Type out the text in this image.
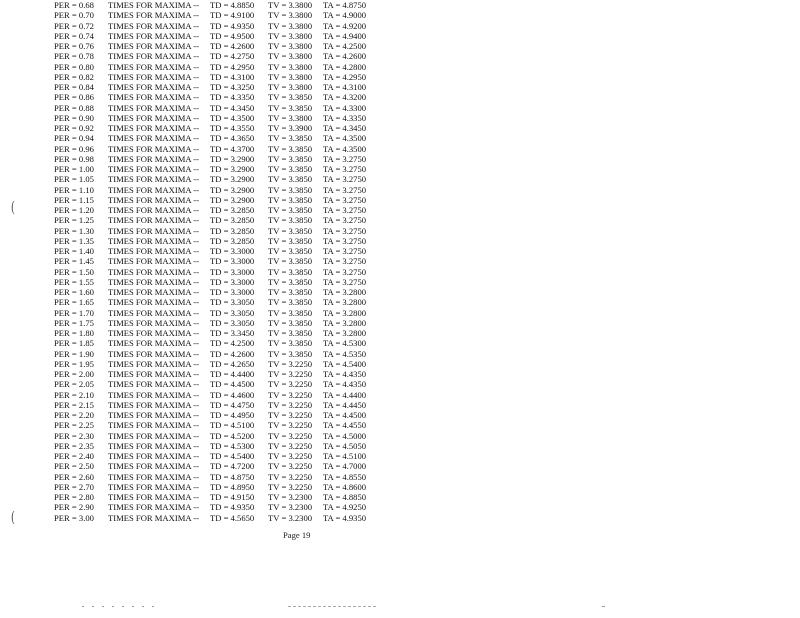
PER = 0.68 TIMES FOR MAXIMA -- TD = 4.8850 TV = 3.3800 TA = 4.8750
PER = 0.70 TIMES FOR MAXIMA -- TD = 4.9100 TV = 3.3800 TA = 4.9000
PER = 0.72 TIMES FOR MAXIMA -- TD = 4.9350 TV = 3.3800 TA = 4.9200
PER = 0.74 TIMES FOR MAXIMA -- TD = 4.9500 TV = 3.3800 TA = 4.9400
PER = 0.76 TIMES FOR MAXIMA -- TD = 4.2600 TV = 3.3800 TA = 4.2500
PER = 0.78 TIMES FOR MAXIMA -- TD = 4.2750 TV = 3.3800 TA = 4.2600
PER = 0.80 TIMES FOR MAXIMA -- TD = 4.2950 TV = 3.3800 TA = 4.2800
PER = 0.82 TIMES FOR MAXIMA -- TD = 4.3100 TV = 3.3800 TA = 4.2950
PER = 0.84 TIMES FOR MAXIMA -- TD = 4.3250 TV = 3.3800 TA = 4.3100
PER = 0.86 TIMES FOR MAXIMA -- TD = 4.3350 TV = 3.3850 TA = 4.3200
PER = 0.88 TIMES FOR MAXIMA -- TD = 4.3450 TV = 3.3850 TA = 4.3300
PER = 0.90 TIMES FOR MAXIMA -- TD = 4.3500 TV = 3.3800 TA = 4.3350
PER = 0.92 TIMES FOR MAXIMA -- TD = 4.3550 TV = 3.3900 TA = 4.3450
PER = 0.94 TIMES FOR MAXIMA -- TD = 4.3650 TV = 3.3850 TA = 4.3500
PER = 0.96 TIMES FOR MAXIMA -- TD = 4.3700 TV = 3.3850 TA = 4.3500
PER = 0.98 TIMES FOR MAXIMA -- TD = 3.2900 TV = 3.3850 TA = 3.2750
PER = 1.00 TIMES FOR MAXIMA -- TD = 3.2900 TV = 3.3850 TA = 3.2750
PER = 1.05 TIMES FOR MAXIMA -- TD = 3.2900 TV = 3.3850 TA = 3.2750
PER = 1.10 TIMES FOR MAXIMA -- TD = 3.2900 TV = 3.3850 TA = 3.2750
PER = 1.15 TIMES FOR MAXIMA -- TD = 3.2900 TV = 3.3850 TA = 3.2750
PER = 1.20 TIMES FOR MAXIMA -- TD = 3.2850 TV = 3.3850 TA = 3.2750
PER = 1.25 TIMES FOR MAXIMA -- TD = 3.2850 TV = 3.3850 TA = 3.2750
PER = 1.30 TIMES FOR MAXIMA -- TD = 3.2850 TV = 3.3850 TA = 3.2750
PER = 1.35 TIMES FOR MAXIMA -- TD = 3.2850 TV = 3.3850 TA = 3.2750
PER = 1.40 TIMES FOR MAXIMA -- TD = 3.3000 TV = 3.3850 TA = 3.2750
PER = 1.45 TIMES FOR MAXIMA -- TD = 3.3000 TV = 3.3850 TA = 3.2750
PER = 1.50 TIMES FOR MAXIMA -- TD = 3.3000 TV = 3.3850 TA = 3.2750
PER = 1.55 TIMES FOR MAXIMA -- TD = 3.3000 TV = 3.3850 TA = 3.2750
PER = 1.60 TIMES FOR MAXIMA -- TD = 3.3000 TV = 3.3850 TA = 3.2800
PER = 1.65 TIMES FOR MAXIMA -- TD = 3.3050 TV = 3.3850 TA = 3.2800
PER = 1.70 TIMES FOR MAXIMA -- TD = 3.3050 TV = 3.3850 TA = 3.2800
PER = 1.75 TIMES FOR MAXIMA -- TD = 3.3050 TV = 3.3850 TA = 3.2800
PER = 1.80 TIMES FOR MAXIMA -- TD = 3.3450 TV = 3.3850 TA = 3.2800
PER = 1.85 TIMES FOR MAXIMA -- TD = 4.2500 TV = 3.3850 TA = 4.5300
PER = 1.90 TIMES FOR MAXIMA -- TD = 4.2600 TV = 3.3850 TA = 4.5350
PER = 1.95 TIMES FOR MAXIMA -- TD = 4.2650 TV = 3.2250 TA = 4.5400
PER = 2.00 TIMES FOR MAXIMA -- TD = 4.4400 TV = 3.2250 TA = 4.4350
PER = 2.05 TIMES FOR MAXIMA -- TD = 4.4500 TV = 3.2250 TA = 4.4350
PER = 2.10 TIMES FOR MAXIMA -- TD = 4.4600 TV = 3.2250 TA = 4.4400
PER = 2.15 TIMES FOR MAXIMA -- TD = 4.4750 TV = 3.2250 TA = 4.4450
PER = 2.20 TIMES FOR MAXIMA -- TD = 4.4950 TV = 3.2250 TA = 4.4500
PER = 2.25 TIMES FOR MAXIMA -- TD = 4.5100 TV = 3.2250 TA = 4.4550
PER = 2.30 TIMES FOR MAXIMA -- TD = 4.5200 TV = 3.2250 TA = 4.5000
PER = 2.35 TIMES FOR MAXIMA -- TD = 4.5300 TV = 3.2250 TA = 4.5050
PER = 2.40 TIMES FOR MAXIMA -- TD = 4.5400 TV = 3.2250 TA = 4.5100
PER = 2.50 TIMES FOR MAXIMA -- TD = 4.7200 TV = 3.2250 TA = 4.7000
PER = 2.60 TIMES FOR MAXIMA -- TD = 4.8750 TV = 3.2250 TA = 4.8550
PER = 2.70 TIMES FOR MAXIMA -- TD = 4.8950 TV = 3.2250 TA = 4.8600
PER = 2.80 TIMES FOR MAXIMA -- TD = 4.9150 TV = 3.2300 TA = 4.8850
PER = 2.90 TIMES FOR MAXIMA -- TD = 4.9350 TV = 3.2300 TA = 4.9250
PER = 3.00 TIMES FOR MAXIMA -- TD = 4.5650 TV = 3.2300 TA = 4.9350
(
(
Page 19
